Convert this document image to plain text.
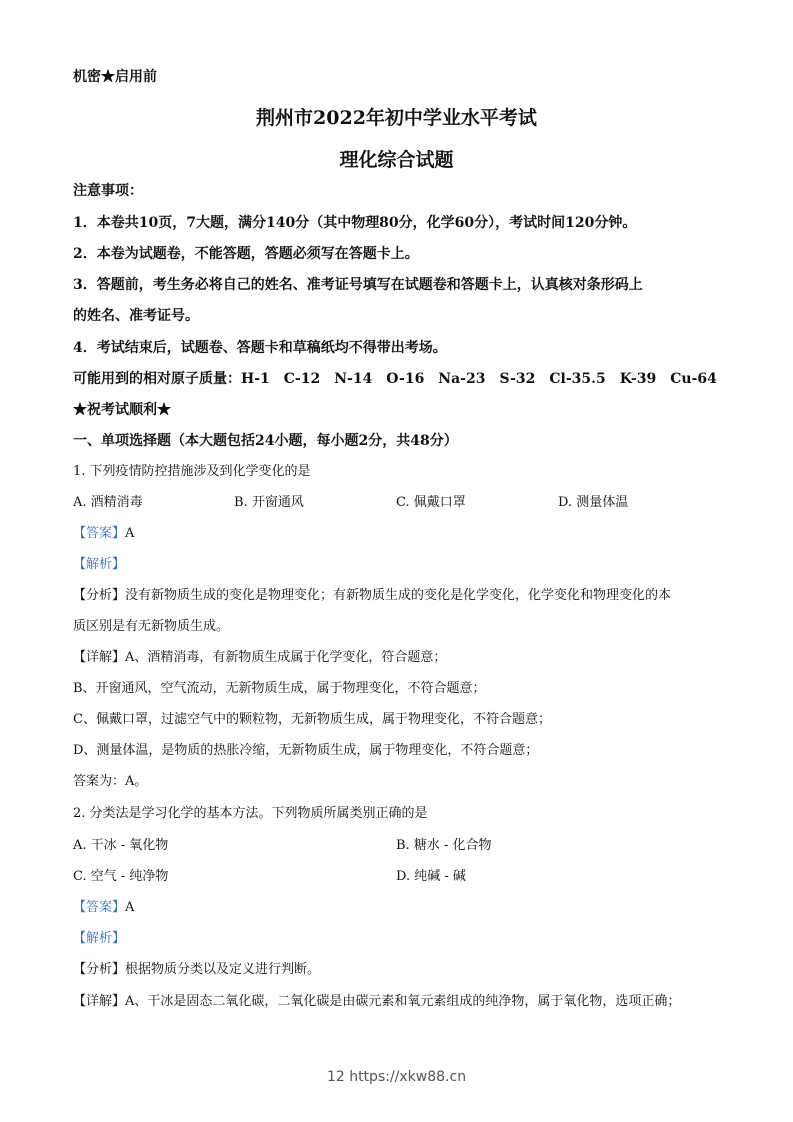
机密★启用前
荆州市2022年初中学业水平考试
理化综合试题
注意事项：
1．本卷共10页，7大题，满分140分（其中物理80分，化学60分），考试时间120分钟。
2．本卷为试题卷，不能答题，答题必须写在答题卡上。
3．答题前，考生务必将自己的姓名、准考证号填写在试题卷和答题卡上，认真核对条形码上
的姓名、准考证号。
4．考试结束后，试题卷、答题卡和草稿纸均不得带出考场。
可能用到的相对原子质量：H-1　C-12　N-14　O-16　Na-23　S-32　Cl-35.5　K-39　Cu-64
★祝考试顺利★
一、单项选择题（本大题包括24小题，每小题2分，共48分）
1. 下列疫情防控措施涉及到化学变化的是
A. 酒精消毒	B. 开窗通风	C. 佩戴口罩	D. 测量体温
【答案】A
【解析】
【分析】没有新物质生成的变化是物理变化；有新物质生成的变化是化学变化，化学变化和物理变化的本
质区别是有无新物质生成。
【详解】A、酒精消毒，有新物质生成属于化学变化，符合题意；
B、开窗通风，空气流动，无新物质生成，属于物理变化，不符合题意；
C、佩戴口罩，过滤空气中的颗粒物，无新物质生成，属于物理变化，不符合题意；
D、测量体温，是物质的热胀冷缩，无新物质生成，属于物理变化，不符合题意；
答案为：A。
2. 分类法是学习化学的基本方法。下列物质所属类别正确的是
A. 干冰 - 氧化物	B. 糖水 - 化合物
C. 空气 - 纯净物	D. 纯碱 - 碱
【答案】A
【解析】
【分析】根据物质分类以及定义进行判断。
【详解】A、干冰是固态二氧化碳，二氧化碳是由碳元素和氧元素组成的纯净物，属于氧化物，选项正确；
12 https://xkw88.cn
